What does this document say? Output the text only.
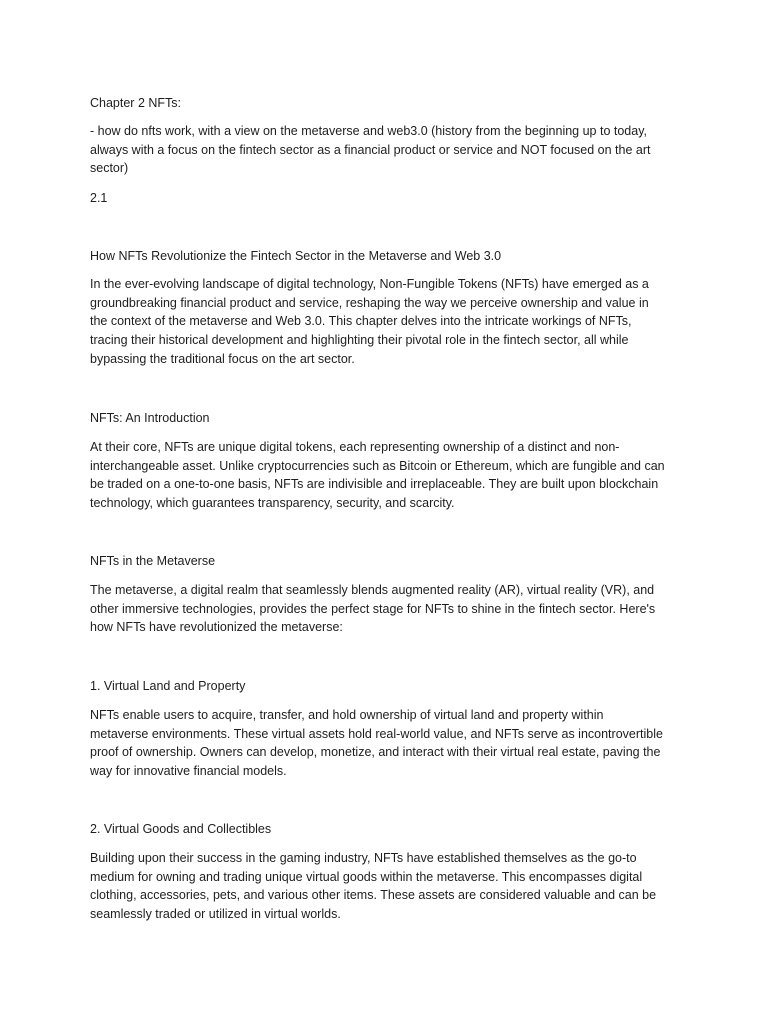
Chapter 2 NFTs:

- how do nfts work, with a view on the metaverse and web3.0 (history from the beginning up to today,
always with a focus on the fintech sector as a financial product or service and NOT focused on the art
sector)

2.1

How NFTs Revolutionize the Fintech Sector in the Metaverse and Web 3.0

In the ever-evolving landscape of digital technology, Non-Fungible Tokens (NFTs) have emerged as a
groundbreaking financial product and service, reshaping the way we perceive ownership and value in
the context of the metaverse and Web 3.0. This chapter delves into the intricate workings of NFTs,
tracing their historical development and highlighting their pivotal role in the fintech sector, all while
bypassing the traditional focus on the art sector.

NFTs: An Introduction

At their core, NFTs are unique digital tokens, each representing ownership of a distinct and non-
interchangeable asset. Unlike cryptocurrencies such as Bitcoin or Ethereum, which are fungible and can
be traded on a one-to-one basis, NFTs are indivisible and irreplaceable. They are built upon blockchain
technology, which guarantees transparency, security, and scarcity.

NFTs in the Metaverse

The metaverse, a digital realm that seamlessly blends augmented reality (AR), virtual reality (VR), and
other immersive technologies, provides the perfect stage for NFTs to shine in the fintech sector. Here's
how NFTs have revolutionized the metaverse:

1. Virtual Land and Property

NFTs enable users to acquire, transfer, and hold ownership of virtual land and property within
metaverse environments. These virtual assets hold real-world value, and NFTs serve as incontrovertible
proof of ownership. Owners can develop, monetize, and interact with their virtual real estate, paving the
way for innovative financial models.

2. Virtual Goods and Collectibles

Building upon their success in the gaming industry, NFTs have established themselves as the go-to
medium for owning and trading unique virtual goods within the metaverse. This encompasses digital
clothing, accessories, pets, and various other items. These assets are considered valuable and can be
seamlessly traded or utilized in virtual worlds.
